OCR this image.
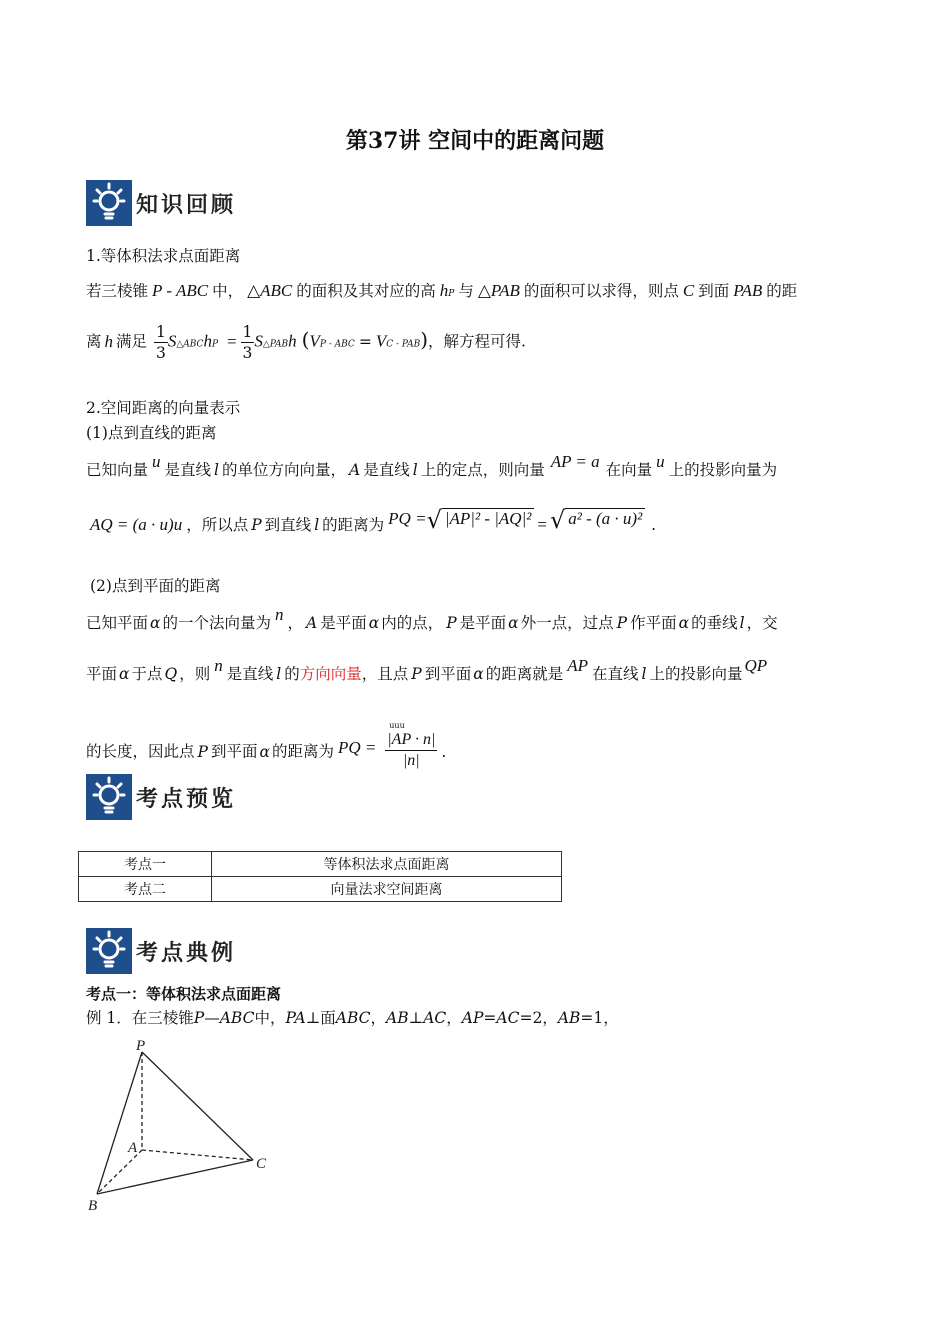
第37讲 空间中的距离问题
知识回顾
1.等体积法求点面距离
若三棱锥 P - ABC 中， △ABC 的面积及其对应的高 hP 与 △PAB 的面积可以求得，则点 C 到面 PAB 的距
离 h 满足 $\frac{1}{3}$ S△ABChP = $\frac{1}{3}$ S△PABh (VP - ABC = VC - PAB)，解方程可得.
2.空间距离的向量表示
(1)点到直线的距离
已知向量 u 是直线 l 的单位方向向量， A 是直线 l 上的定点，则向量 AP = a 在向量 u 上的投影向量为
AQ = (a · u)u ，所以点 P 到直线 l 的距离为 PQ =√ |AP|² - |AQ|² = √ a² - (a · u)² .
(2)点到平面的距离
已知平面 α 的一个法向量为 n ， A 是平面 α 内的点， P 是平面 α 外一点，过点 P 作平面 α 的垂线 l ，交
平面 α 于点 Q ，则 n 是直线 l 的方向向量，且点 P 到平面 α 的距离就是 AP 在直线 l 上的投影向量 QP
的长度，因此点 P 到平面 α 的距离为 PQ =
uuu
|AP · n|
|n|	.
考点预览
考点一	等体积法求点面距离
考点二	向量法求空间距离
考点典例
考点一：等体积法求点面距离
例 1．在三棱锥P—ABC中，PA⊥面ABC，AB⊥AC，AP=AC=2，AB=1，
P
A
B
C
